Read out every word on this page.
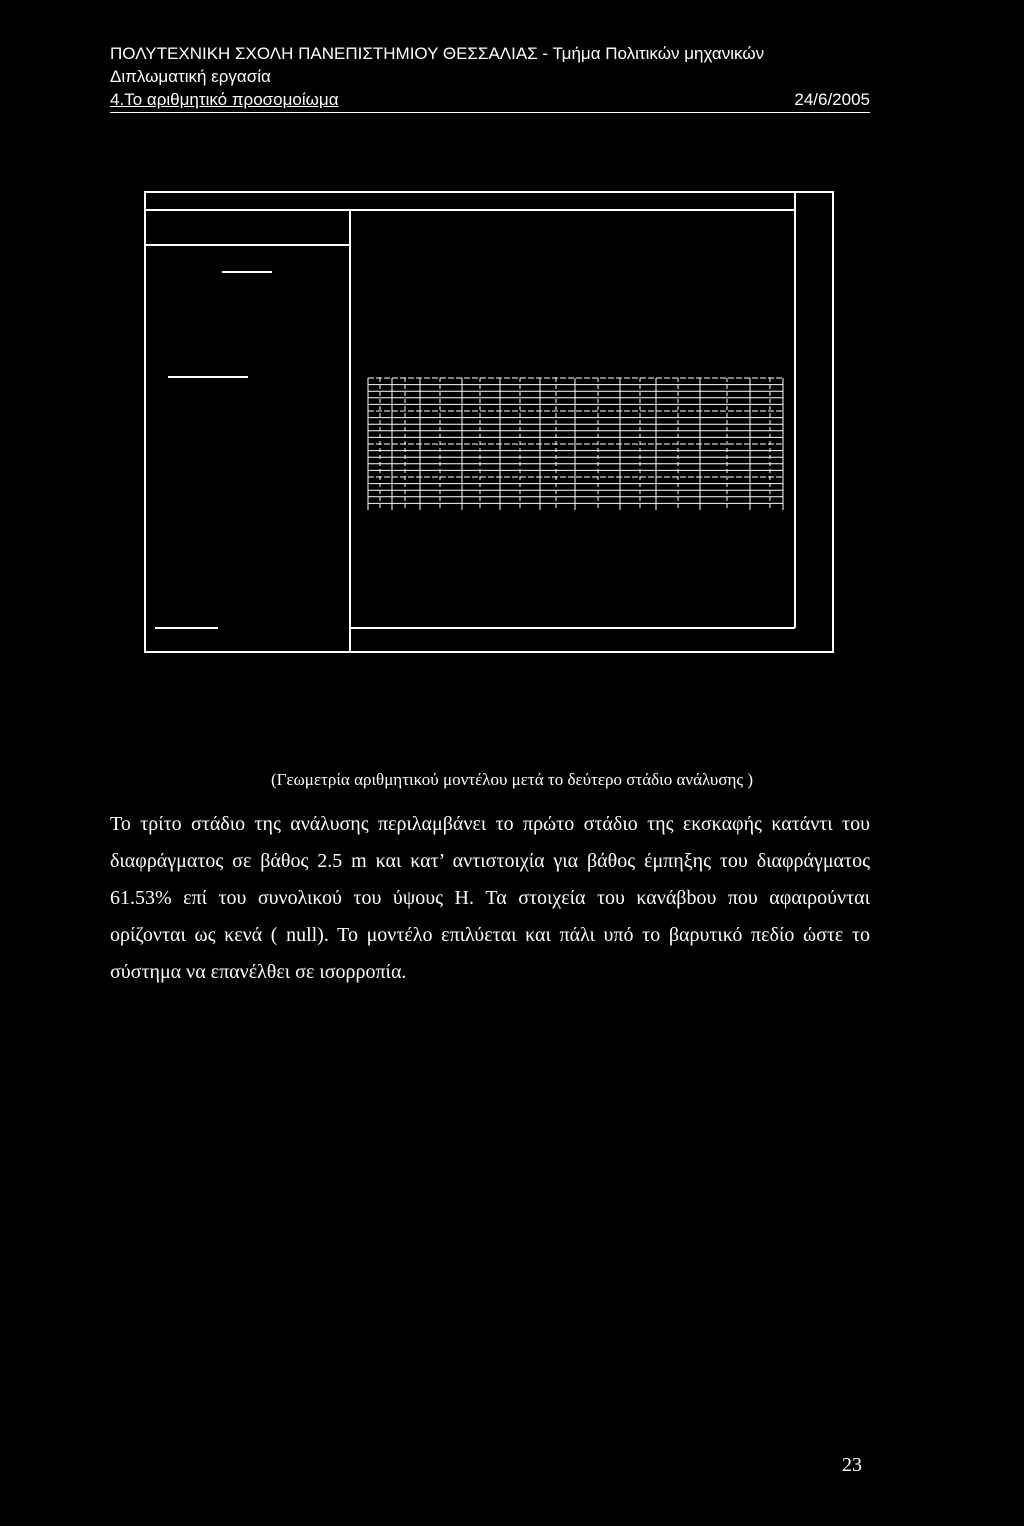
ΠΟΛΥΤΕΧΝΙΚΗ ΣΧΟΛΗ ΠΑΝΕΠΙΣΤΗΜΙΟΥ ΘΕΣΣΑΛΙΑΣ - Τμήμα Πολιτικών μηχανικών
Διπλωματική εργασία
4.Το αριθμητικό προσομοίωμα	24/6/2005
(Γεωμετρία αριθμητικού μοντέλου μετά το δεύτερο στάδιο ανάλυσης )

Το τρίτο στάδιο της ανάλυσης περιλαμβάνει το πρώτο στάδιο της εκσκαφής κατάντι του διαφράγματος σε βάθος 2.5 m και κατ’ αντιστοιχία για βάθος έμπηξης του διαφράγματος 61.53% επί του συνολικού του ύψους H. Τα στοιχεία του κανάβbου που αφαιρούνται ορίζονται ως κενά ( null). Το μοντέλο επιλύεται και πάλι υπό το βαρυτικό πεδίο ώστε το σύστημα να επανέλθει σε ισορροπία.

23
